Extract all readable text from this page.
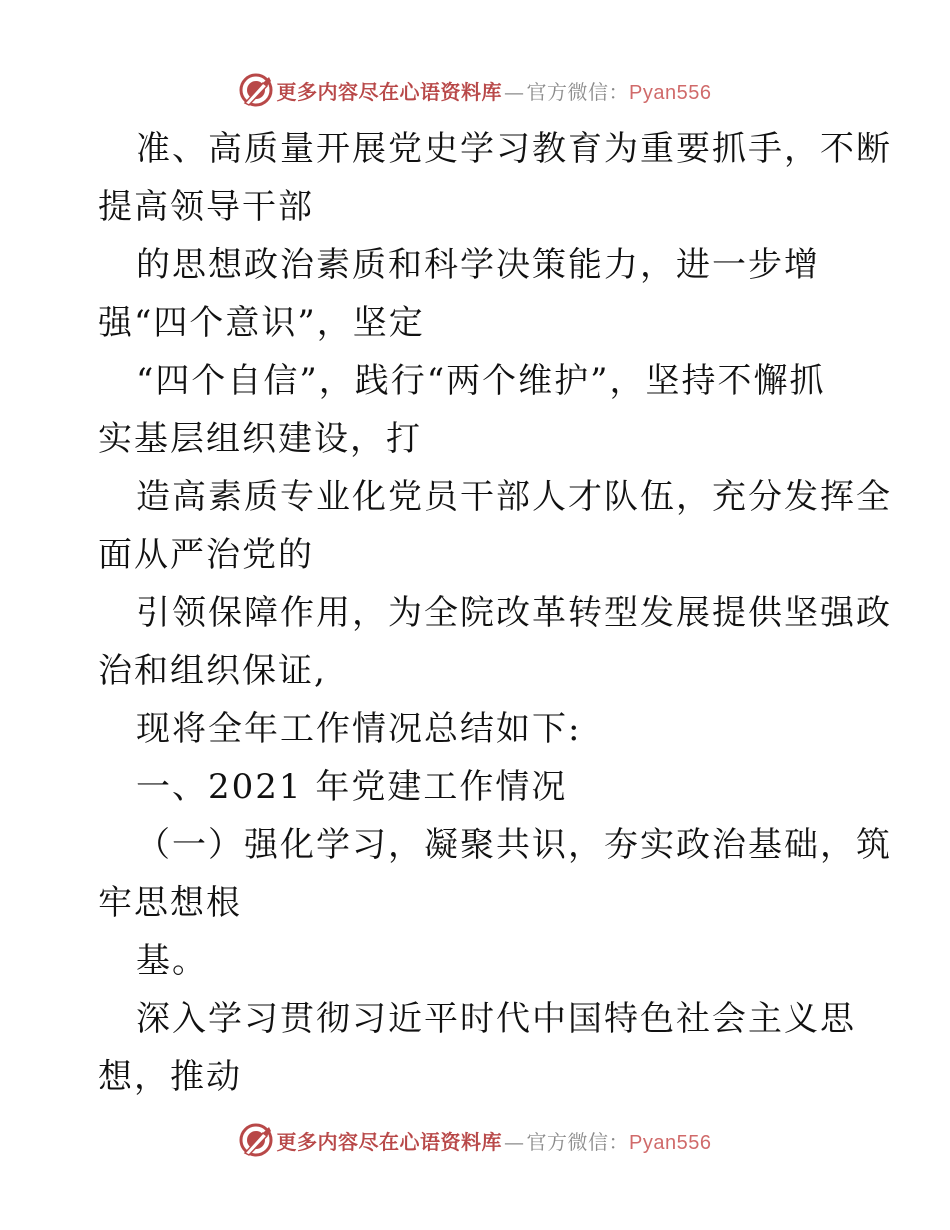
更多内容尽在心语资料库 — 官方微信：Pyan556
准、高质量开展党史学习教育为重要抓手，不断
提高领导干部
的思想政治素质和科学决策能力，进一步增
强“四个意识”，坚定
“四个自信”，践行“两个维护”，坚持不懈抓
实基层组织建设，打
造高素质专业化党员干部人才队伍，充分发挥全
面从严治党的
引领保障作用，为全院改革转型发展提供坚强政
治和组织保证,
现将全年工作情况总结如下:
一、2021 年党建工作情况
（一）强化学习，凝聚共识，夯实政治基础，筑
牢思想根
基。
深入学习贯彻习近平时代中国特色社会主义思
想，推动
更多内容尽在心语资料库 — 官方微信：Pyan556
